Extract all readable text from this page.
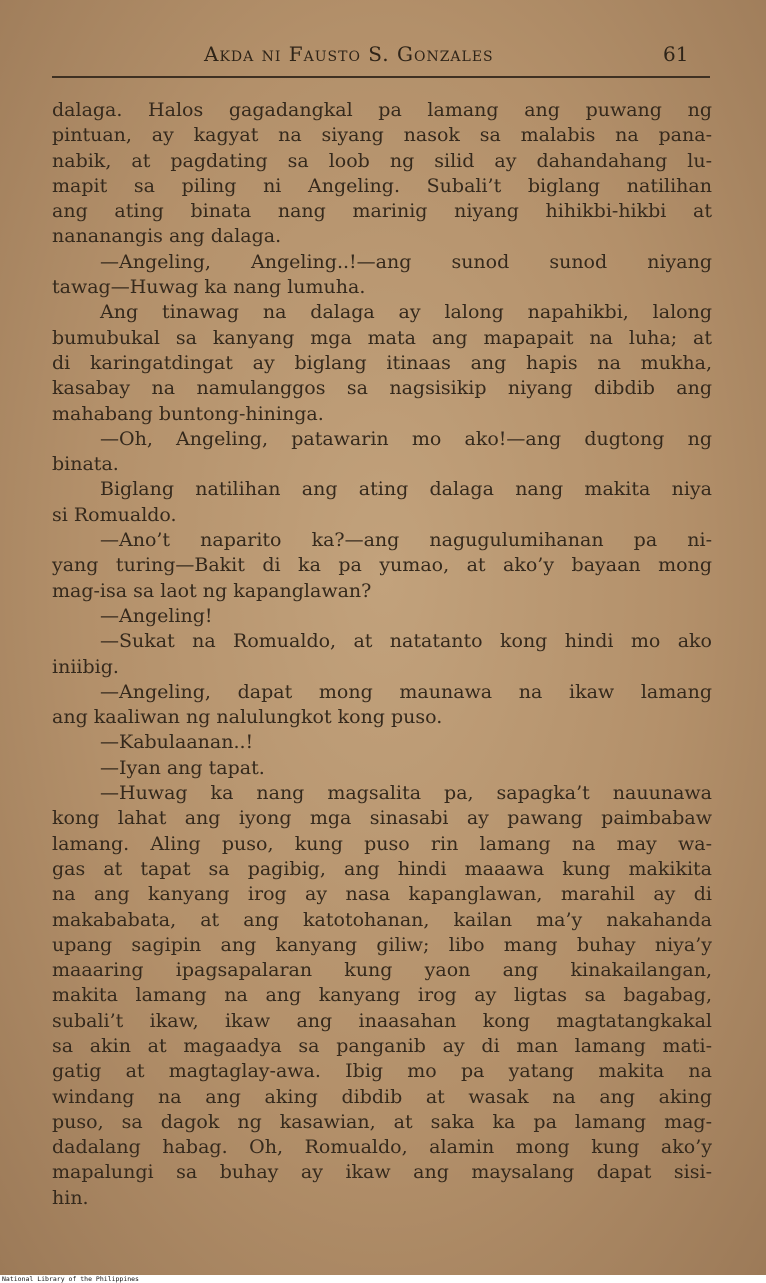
Akda ni Fausto S. Gonzales	61
dalaga. Halos gagadangkal pa lamang ang puwang ng
pintuan, ay kagyat na siyang nasok sa malabis na pana-
nabik, at pagdating sa loob ng silid ay dahandahang lu-
mapit sa piling ni Angeling. Subali’t biglang natilihan
ang ating binata nang marinig niyang hihikbi-hikbi at
nananangis ang dalaga.
—Angeling, Angeling..!—ang sunod sunod niyang
tawag—Huwag ka nang lumuha.
Ang tinawag na dalaga ay lalong napahikbi, lalong
bumubukal sa kanyang mga mata ang mapapait na luha; at
di karingatdingat ay biglang itinaas ang hapis na mukha,
kasabay na namulanggos sa nagsisikip niyang dibdib ang
mahabang buntong-hininga.
—Oh, Angeling, patawarin mo ako!—ang dugtong ng
binata.
Biglang natilihan ang ating dalaga nang makita niya
si Romualdo.
—Ano’t naparito ka?—ang nagugulumihanan pa ni-
yang turing—Bakit di ka pa yumao, at ako’y bayaan mong
mag-isa sa laot ng kapanglawan?
—Angeling!
—Sukat na Romualdo, at natatanto kong hindi mo ako
iniibig.
—Angeling, dapat mong maunawa na ikaw lamang
ang kaaliwan ng nalulungkot kong puso.
—Kabulaanan..!
—Iyan ang tapat.
—Huwag ka nang magsalita pa, sapagka’t nauunawa
kong lahat ang iyong mga sinasabi ay pawang paimbabaw
lamang. Aling puso, kung puso rin lamang na may wa-
gas at tapat sa pagibig, ang hindi maaawa kung makikita
na ang kanyang irog ay nasa kapanglawan, marahil ay di
makababata, at ang katotohanan, kailan ma’y nakahanda
upang sagipin ang kanyang giliw; libo mang buhay niya’y
maaaring ipagsapalaran kung yaon ang kinakailangan,
makita lamang na ang kanyang irog ay ligtas sa bagabag,
subali’t ikaw, ikaw ang inaasahan kong magtatangkakal
sa akin at magaadya sa panganib ay di man lamang mati-
gatig at magtaglay-awa. Ibig mo pa yatang makita na
windang na ang aking dibdib at wasak na ang aking
puso, sa dagok ng kasawian, at saka ka pa lamang mag-
dadalang habag. Oh, Romualdo, alamin mong kung ako’y
mapalungi sa buhay ay ikaw ang maysalang dapat sisi-
hin.
National Library of the Philippines
